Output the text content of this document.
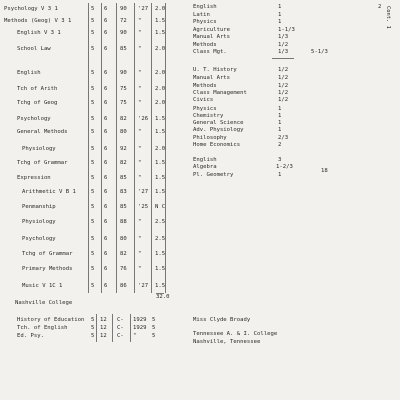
Psychology V 3 1	5 6 90 '27 2.0
Methods (Geog) V 3 1	5 6 72 " 1.5
English V 3 1	5 6 90 " 1.5
School Law	5 6 85 " 2.0
English	5 6 90 " 2.0
Tch of Arith	5 6 75 " 2.0
Tchg of Geog	5 6 75 " 2.0
Psychology	5 6 82 '26 1.5
General Methods	5 6 80 " 1.5
Physiology	5 6 92 " 2.0
Tchg of Grammar	5 6 82 " 1.5
Expression	5 6 85 " 1.5
Arithmetic V B 1	5 6 83 '27 1.5
Penmanship	5 6 85 '25 N C
Physiology	5 6 88 " 2.5
Psychology	5 6 80 " 2.5
Tchg of Grammar	5 6 82 " 1.5
Primary Methods	5 6 76 " 1.5
Music V 1C 1	5 6 86 '27 1.5
Nashville College
History of Education 5 12 C- 1929 5
Tch. of English	5 12 C- 1929 5
Ed. Psy.	5 12 C- "	5
English	1	2
Latin	1
Physics	1
Agriculture	1-1/3
Manual Arts	1/3
Methods	1/2
Class Mgt.	1/3	5-1/3
U. T. History	1/2
Manual Arts	1/2
Methods	1/2
Class Management	1/2
Civics	1/2
Physics	1
Chemistry	1
General Science	1
Adv. Physiology	1
Philosophy	2/3
Home Economics	2
English	3
Algebra	1-2/3
Pl. Geometry	1
18
Cont. 1
Miss Clyde Broady
Tennessee A. & I. College
Nashville, Tennessee
32.0
